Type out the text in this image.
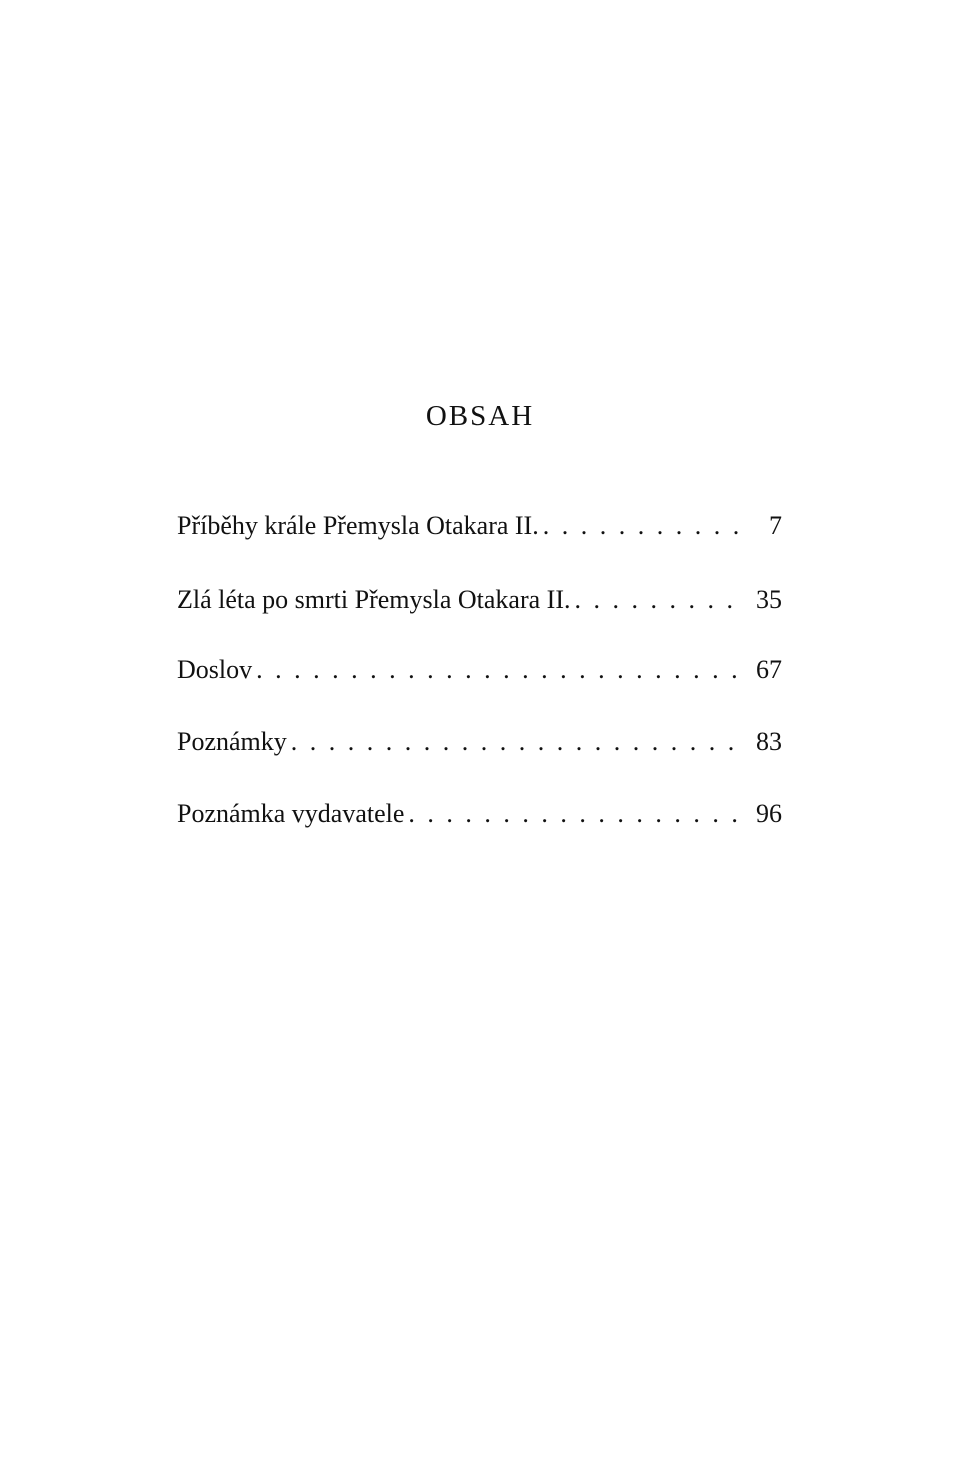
OBSAH
Příběhy krále Přemysla Otakara II. . . .	7
Zlá léta po smrti Přemysla Otakara II. . . .	35
Doslov . . .	67
Poznámky . . .	83
Poznámka vydavatele . . .	96
